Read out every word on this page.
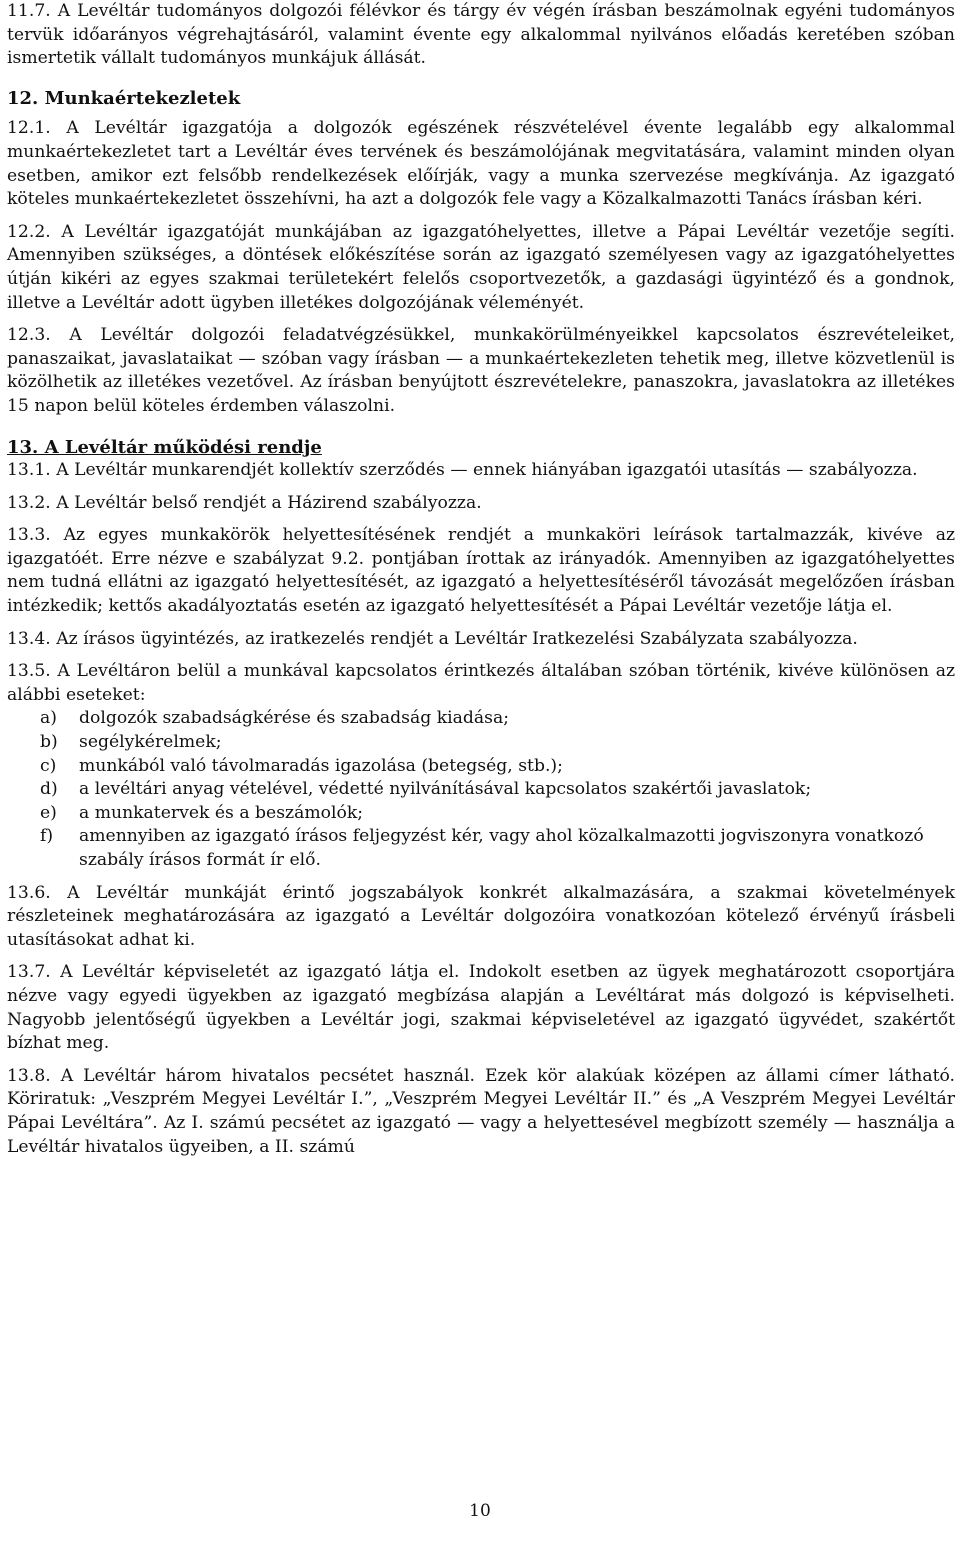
11.7. A Levéltár tudományos dolgozói félévkor és tárgy év végén írásban beszámolnak egyéni tudományos tervük időarányos végrehajtásáról, valamint évente egy alkalommal nyilvános előadás keretében szóban ismertetik vállalt tudományos munkájuk állását.

12. Munkaértekezletek

12.1. A Levéltár igazgatója a dolgozók egészének részvételével évente legalább egy alkalommal munkaértekezletet tart a Levéltár éves tervének és beszámolójának megvitatására, valamint minden olyan esetben, amikor ezt felsőbb rendelkezések előírják, vagy a munka szervezése megkívánja. Az igazgató köteles munkaértekezletet összehívni, ha azt a dolgozók fele vagy a Közalkalmazotti Tanács írásban kéri.

12.2. A Levéltár igazgatóját munkájában az igazgatóhelyettes, illetve a Pápai Levéltár vezetője segíti. Amennyiben szükséges, a döntések előkészítése során az igazgató személyesen vagy az igazgatóhelyettes útján kikéri az egyes szakmai területekért felelős csoportvezetők, a gazdasági ügyintéző és a gondnok, illetve a Levéltár adott ügyben illetékes dolgozójának véleményét.

12.3. A Levéltár dolgozói feladatvégzésükkel, munkakörülményeikkel kapcsolatos észrevételeiket, panaszaikat, javaslataikat — szóban vagy írásban — a munkaértekezleten tehetik meg, illetve közvetlenül is közölhetik az illetékes vezetővel. Az írásban benyújtott észrevételekre, panaszokra, javaslatokra az illetékes 15 napon belül köteles érdemben válaszolni.

13. A Levéltár működési rendje

13.1. A Levéltár munkarendjét kollektív szerződés — ennek hiányában igazgatói utasítás — szabályozza.

13.2. A Levéltár belső rendjét a Házirend szabályozza.

13.3. Az egyes munkakörök helyettesítésének rendjét a munkaköri leírások tartalmazzák, kivéve az igazgatóét. Erre nézve e szabályzat 9.2. pontjában írottak az irányadók. Amennyiben az igazgatóhelyettes nem tudná ellátni az igazgató helyettesítését, az igazgató a helyettesítéséről távozását megelőzően írásban intézkedik; kettős akadályoztatás esetén az igazgató helyettesítését a Pápai Levéltár vezetője látja el.

13.4. Az írásos ügyintézés, az iratkezelés rendjét a Levéltár Iratkezelési Szabályzata szabályozza.

13.5. A Levéltáron belül a munkával kapcsolatos érintkezés általában szóban történik, kivéve különösen az alábbi eseteket:

a) dolgozók szabadságkérése és szabadság kiadása;
b) segélykérelmek;
c) munkából való távolmaradás igazolása (betegség, stb.);
d) a levéltári anyag vételével, védetté nyilvánításával kapcsolatos szakértői javaslatok;
e) a munkatervek és a beszámolók;
f) amennyiben az igazgató írásos feljegyzést kér, vagy ahol közalkalmazotti jogviszonyra vonatkozó szabály írásos formát ír elő.

13.6. A Levéltár munkáját érintő jogszabályok konkrét alkalmazására, a szakmai követelmények részleteinek meghatározására az igazgató a Levéltár dolgozóira vonatkozóan kötelező érvényű írásbeli utasításokat adhat ki.

13.7. A Levéltár képviseletét az igazgató látja el. Indokolt esetben az ügyek meghatározott csoportjára nézve vagy egyedi ügyekben az igazgató megbízása alapján a Levéltárat más dolgozó is képviselheti. Nagyobb jelentőségű ügyekben a Levéltár jogi, szakmai képviseletével az igazgató ügyvédet, szakértőt bízhat meg.

13.8. A Levéltár három hivatalos pecsétet használ. Ezek kör alakúak középen az állami címer látható. Köriratuk: „Veszprém Megyei Levéltár I.”, „Veszprém Megyei Levéltár II.” és „A Veszprém Megyei Levéltár Pápai Levéltára”. Az I. számú pecsétet az igazgató — vagy a helyettesével megbízott személy — használja a Levéltár hivatalos ügyeiben, a II. számú

10
